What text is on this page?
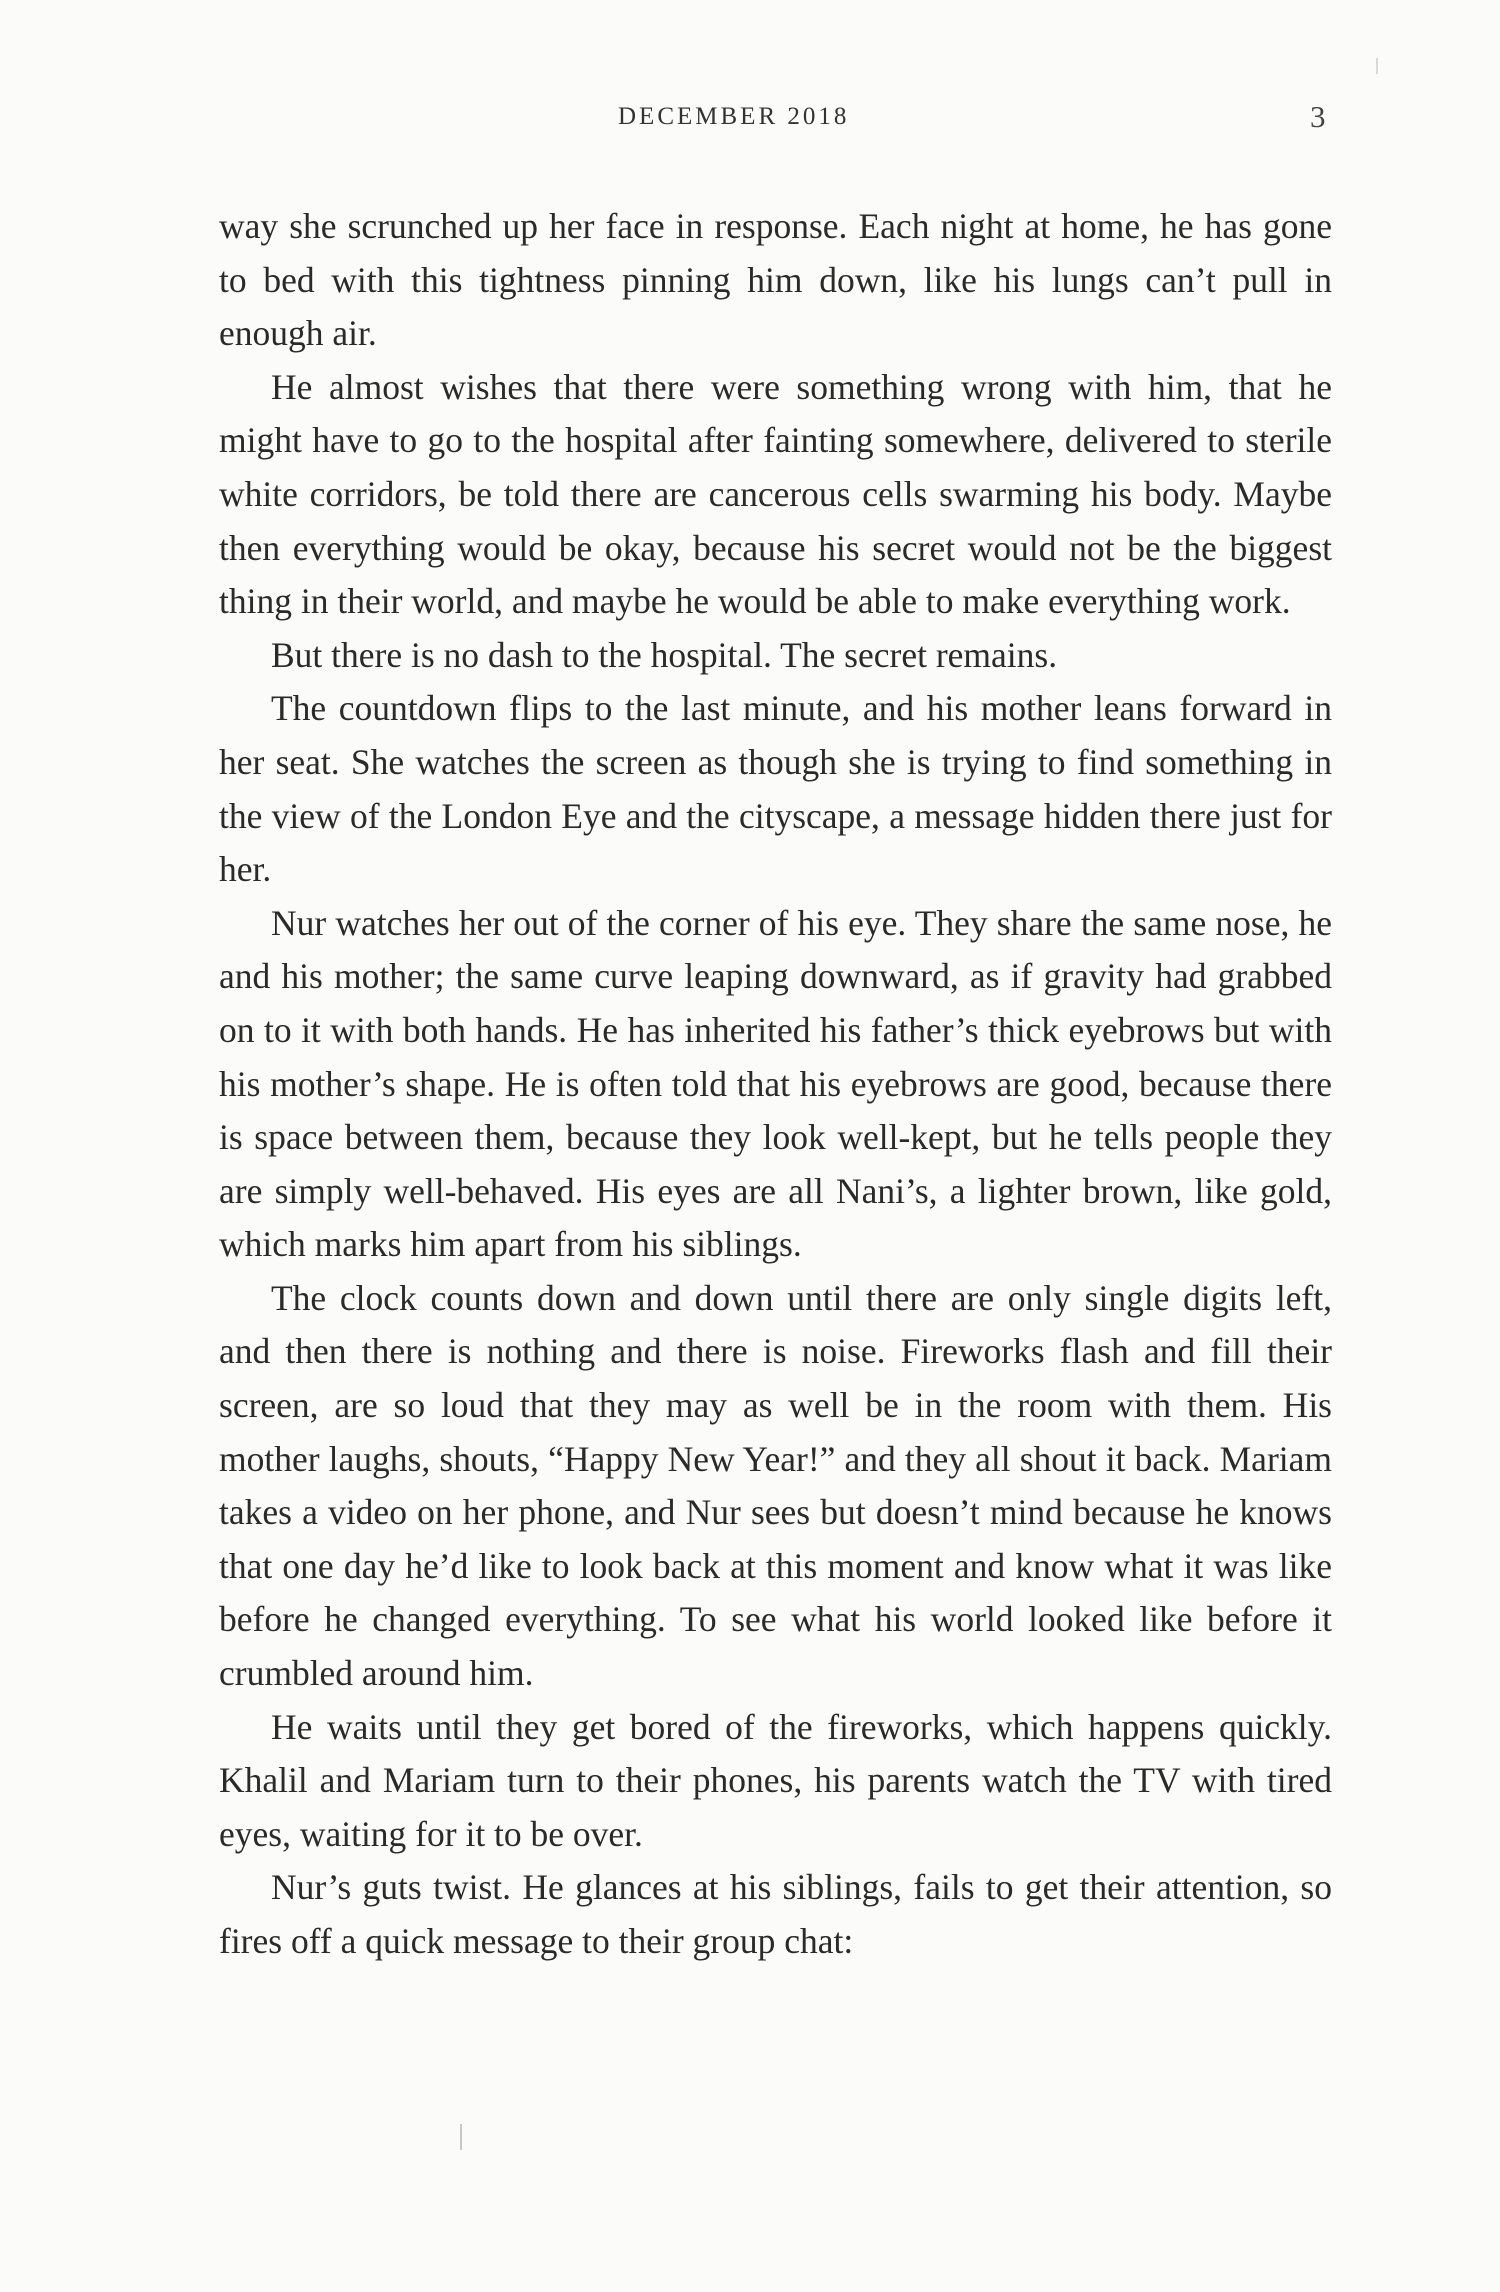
DECEMBER 2018	3

way she scrunched up her face in response. Each night at home, he has gone to bed with this tightness pinning him down, like his lungs can’t pull in enough air.

He almost wishes that there were something wrong with him, that he might have to go to the hospital after fainting somewhere, delivered to sterile white corridors, be told there are cancerous cells swarming his body. Maybe then everything would be okay, because his secret would not be the biggest thing in their world, and maybe he would be able to make everything work.

But there is no dash to the hospital. The secret remains.

The countdown flips to the last minute, and his mother leans forward in her seat. She watches the screen as though she is trying to find something in the view of the London Eye and the cityscape, a message hidden there just for her.

Nur watches her out of the corner of his eye. They share the same nose, he and his mother; the same curve leaping downward, as if gravity had grabbed on to it with both hands. He has inherited his father’s thick eyebrows but with his mother’s shape. He is often told that his eyebrows are good, because there is space between them, because they look well-kept, but he tells people they are simply well-behaved. His eyes are all Nani’s, a lighter brown, like gold, which marks him apart from his siblings.

The clock counts down and down until there are only single digits left, and then there is nothing and there is noise. Fireworks flash and fill their screen, are so loud that they may as well be in the room with them. His mother laughs, shouts, “Happy New Year!” and they all shout it back. Mariam takes a video on her phone, and Nur sees but doesn’t mind because he knows that one day he’d like to look back at this moment and know what it was like before he changed everything. To see what his world looked like before it crumbled around him.

He waits until they get bored of the fireworks, which happens quickly. Khalil and Mariam turn to their phones, his parents watch the TV with tired eyes, waiting for it to be over.

Nur’s guts twist. He glances at his siblings, fails to get their attention, so fires off a quick message to their group chat:
